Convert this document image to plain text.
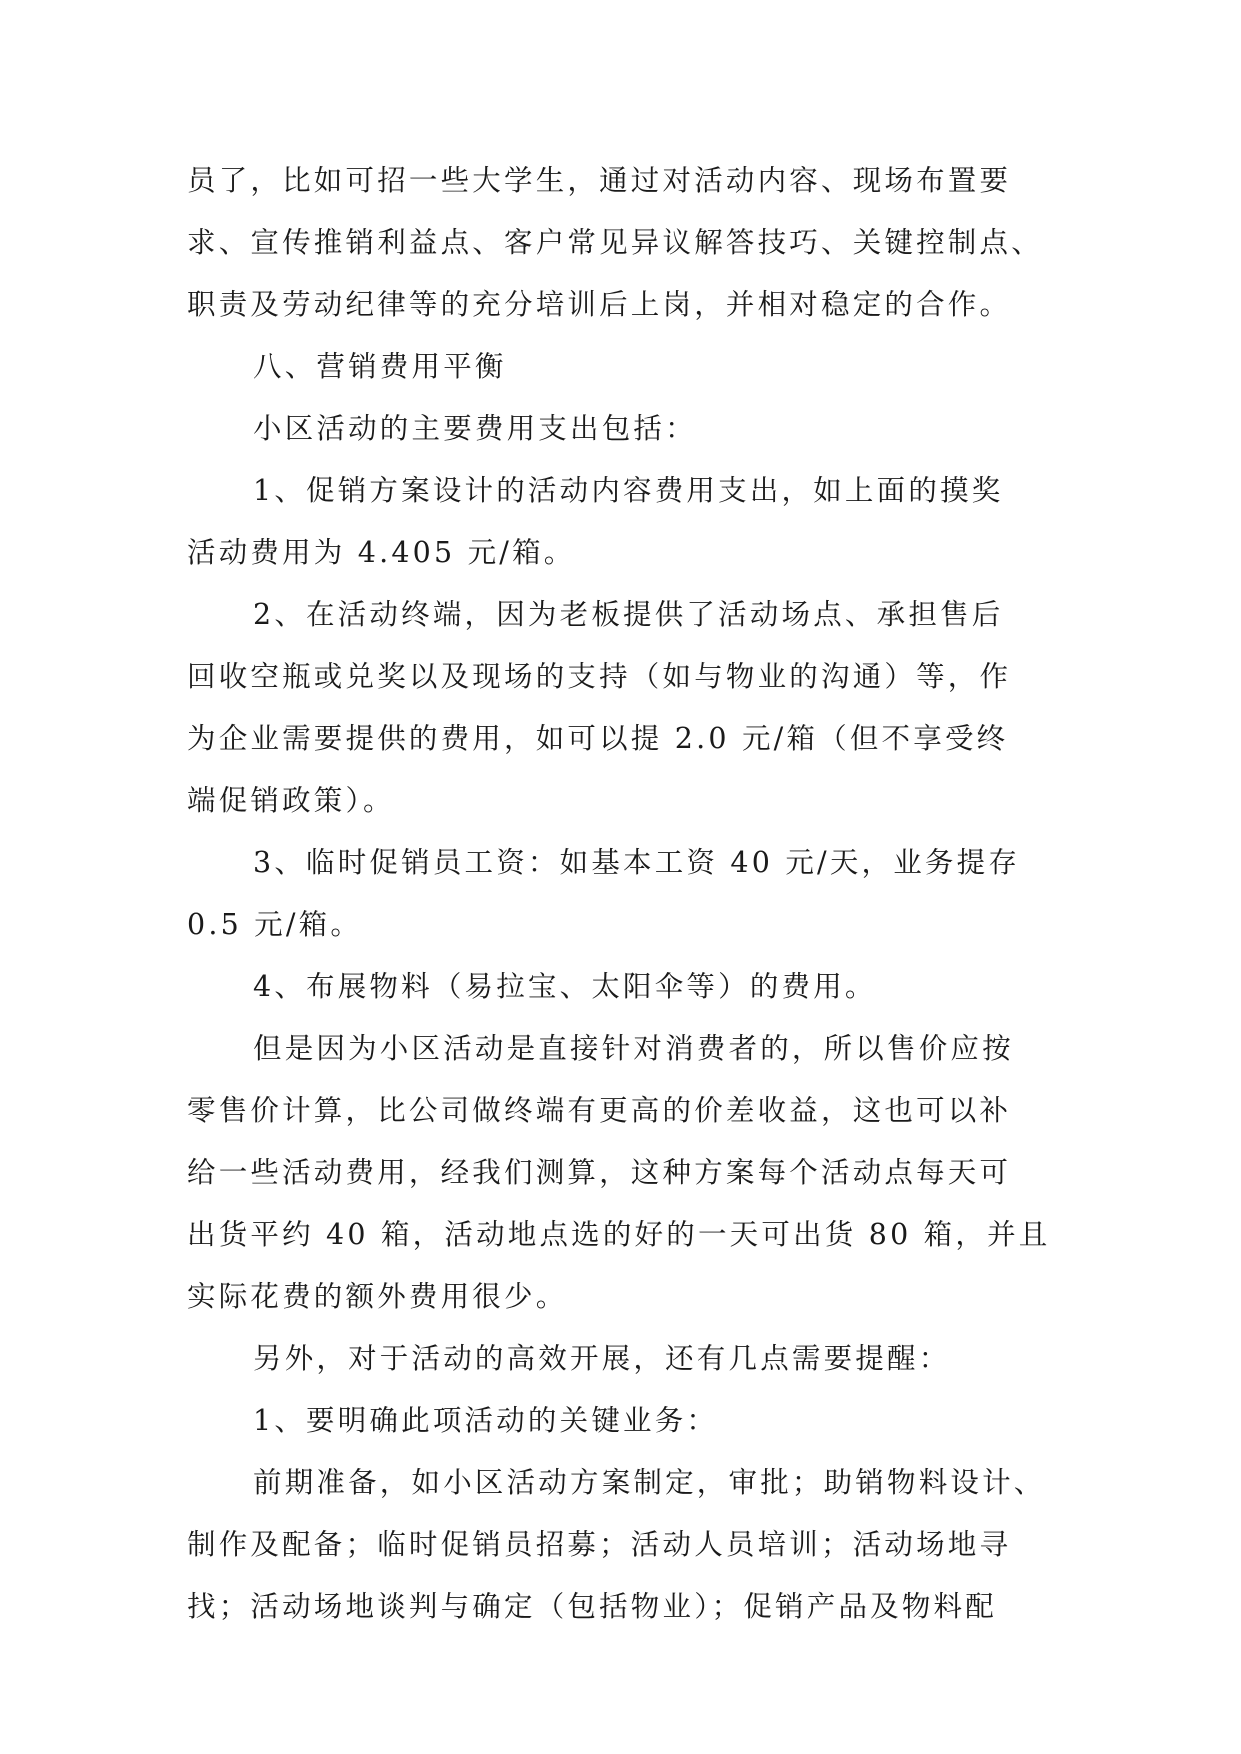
员了，比如可招一些大学生，通过对活动内容、现场布置要
求、宣传推销利益点、客户常见异议解答技巧、关键控制点、
职责及劳动纪律等的充分培训后上岗，并相对稳定的合作。
八、营销费用平衡
小区活动的主要费用支出包括：
1、促销方案设计的活动内容费用支出，如上面的摸奖
活动费用为 4.405 元/箱。
2、在活动终端，因为老板提供了活动场点、承担售后
回收空瓶或兑奖以及现场的支持（如与物业的沟通）等，作
为企业需要提供的费用，如可以提 2.0 元/箱（但不享受终
端促销政策）。
3、临时促销员工资：如基本工资 40 元/天，业务提存
0.5 元/箱。
4、布展物料（易拉宝、太阳伞等）的费用。
但是因为小区活动是直接针对消费者的，所以售价应按
零售价计算，比公司做终端有更高的价差收益，这也可以补
给一些活动费用，经我们测算，这种方案每个活动点每天可
出货平约 40 箱，活动地点选的好的一天可出货 80 箱，并且
实际花费的额外费用很少。
另外，对于活动的高效开展，还有几点需要提醒：
1、要明确此项活动的关键业务：
前期准备，如小区活动方案制定，审批；助销物料设计、
制作及配备；临时促销员招募；活动人员培训；活动场地寻
找；活动场地谈判与确定（包括物业）；促销产品及物料配
